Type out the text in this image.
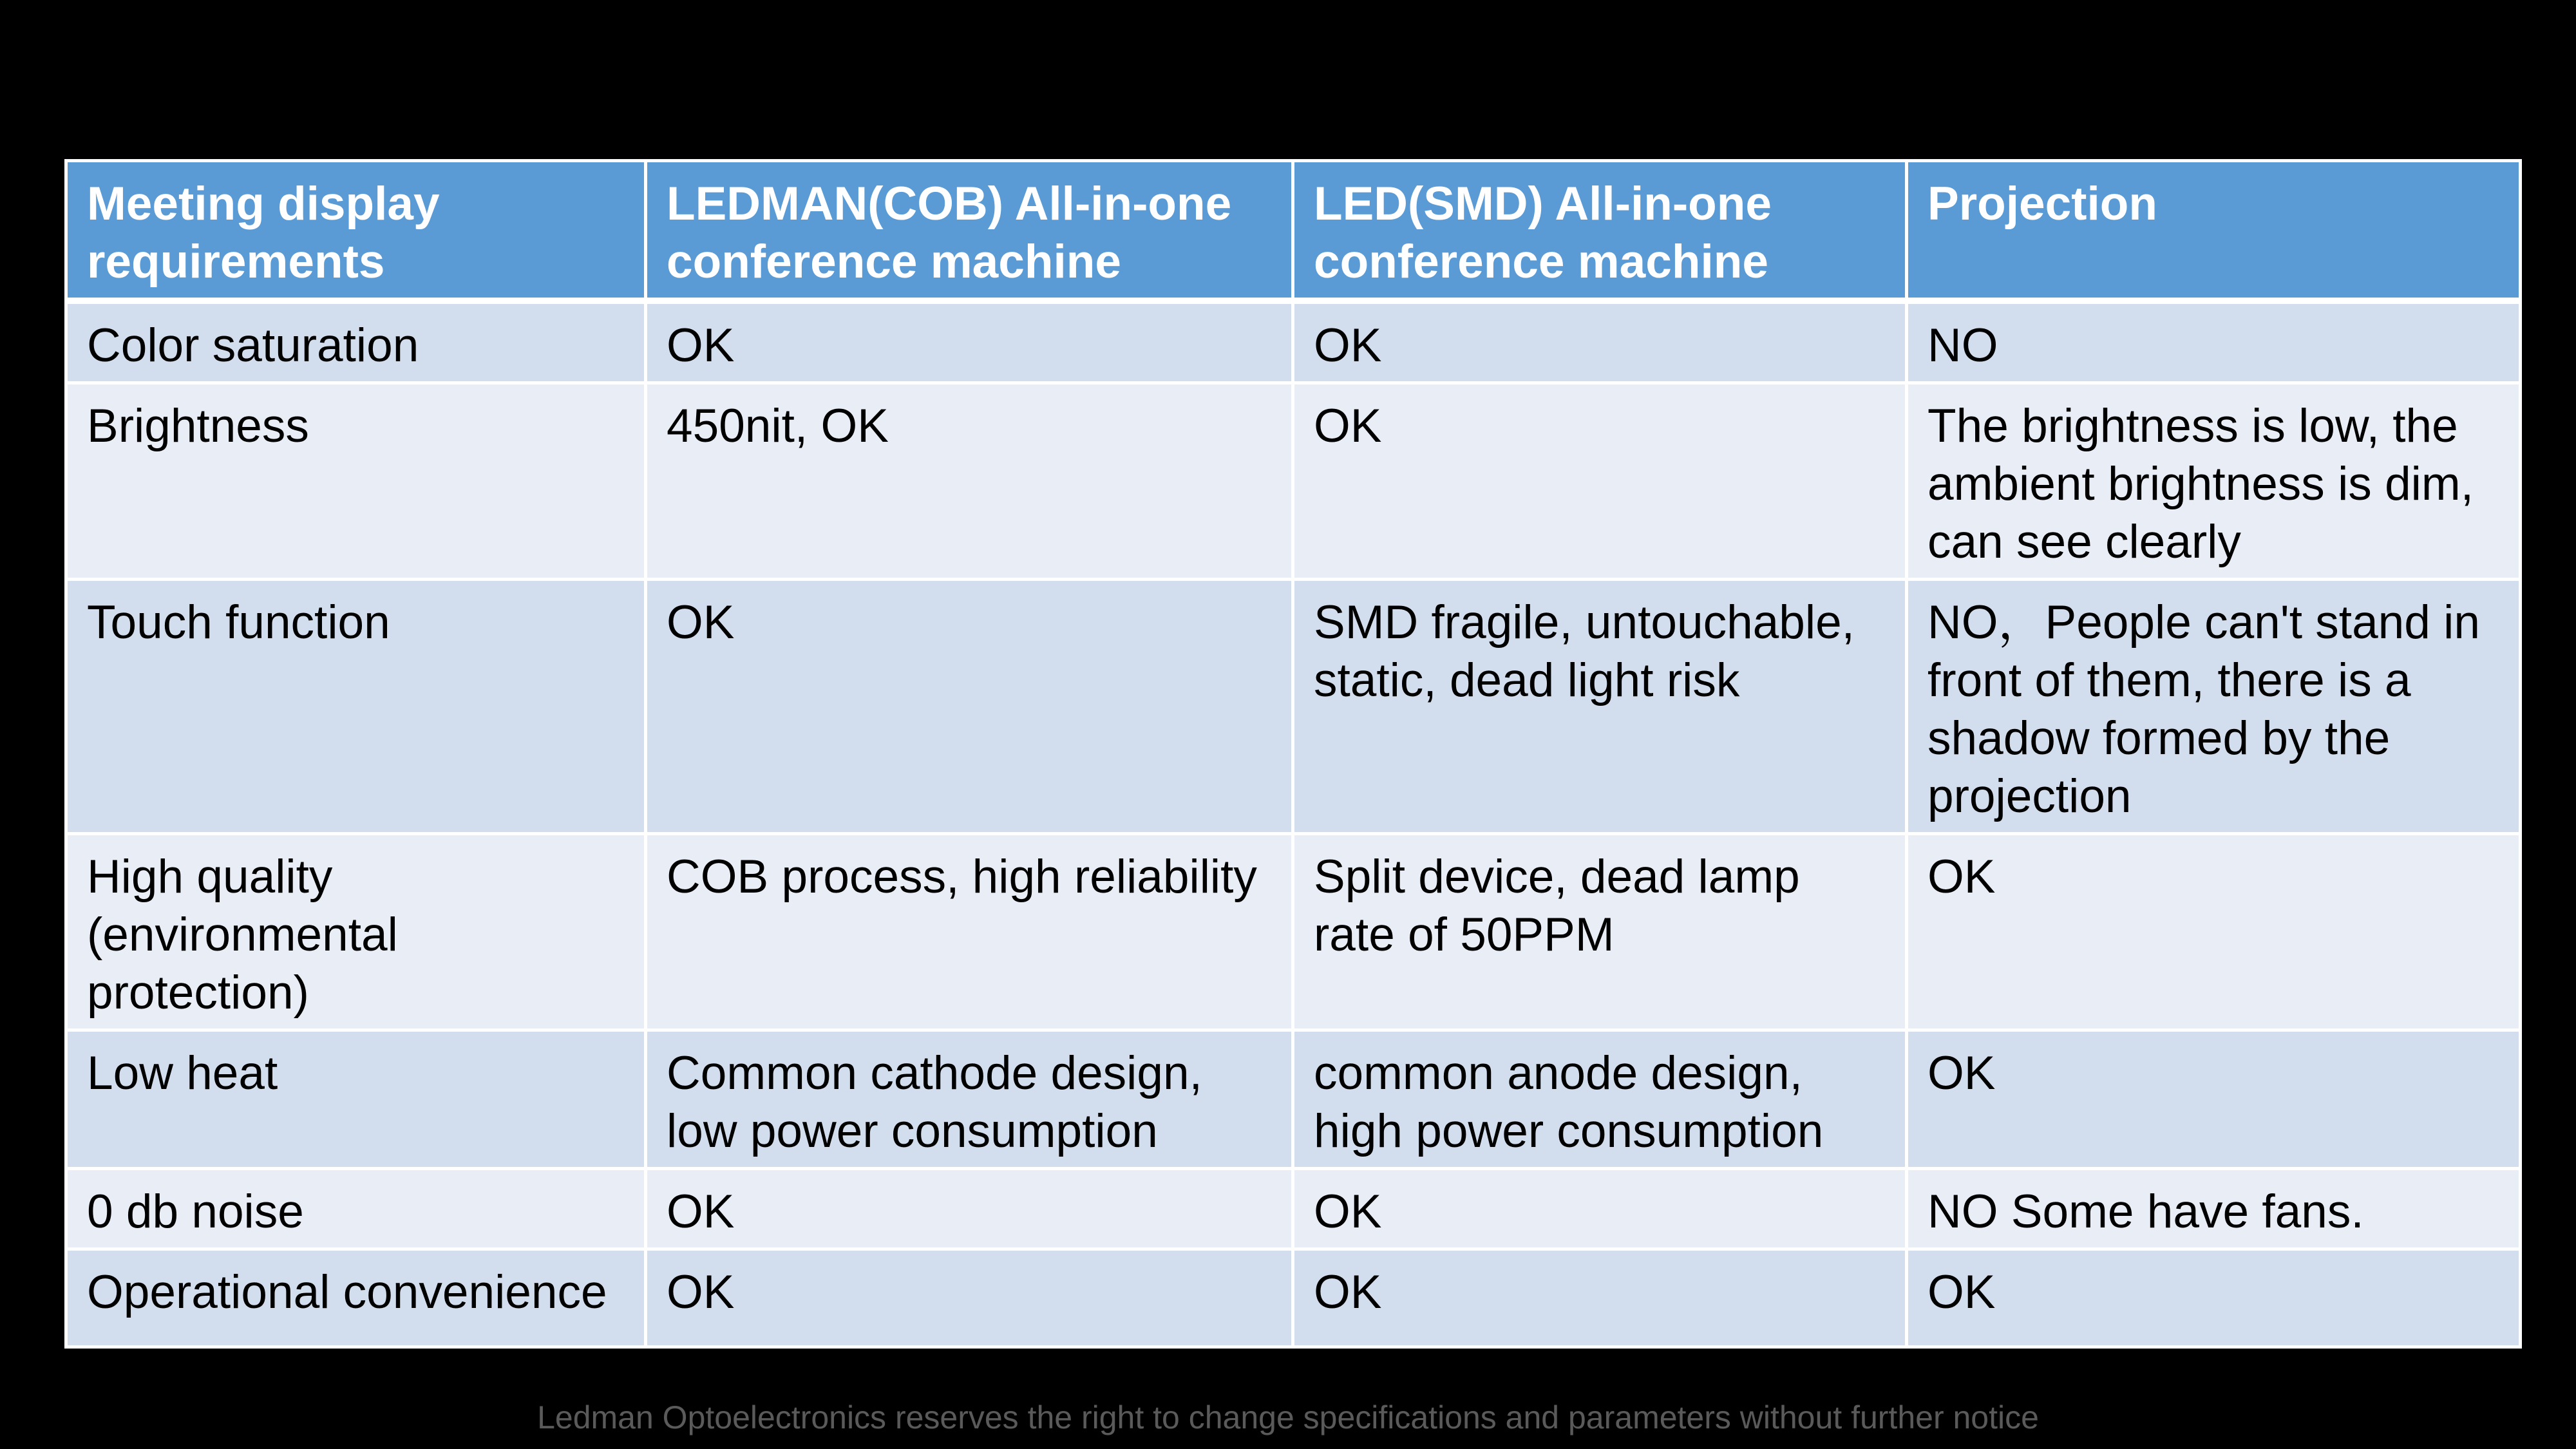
Meeting display requirements	LEDMAN(COB) All-in-one conference machine	LED(SMD) All-in-one conference machine	Projection
Color saturation	OK	OK	NO
Brightness	450nit, OK	OK	The brightness is low, the ambient brightness is dim, can see clearly
Touch function	OK	SMD fragile, untouchable, static, dead light risk	NO，People can't stand in front of them, there is a shadow formed by the projection
High quality (environmental protection)	COB process, high reliability	Split device, dead lamp rate of 50PPM	OK
Low heat	Common cathode design, low power consumption	common anode design, high power consumption	OK
0 db noise	OK	OK	NO Some have fans.
Operational convenience	OK	OK	OK
Ledman Optoelectronics reserves the right to change specifications and parameters without further notice
